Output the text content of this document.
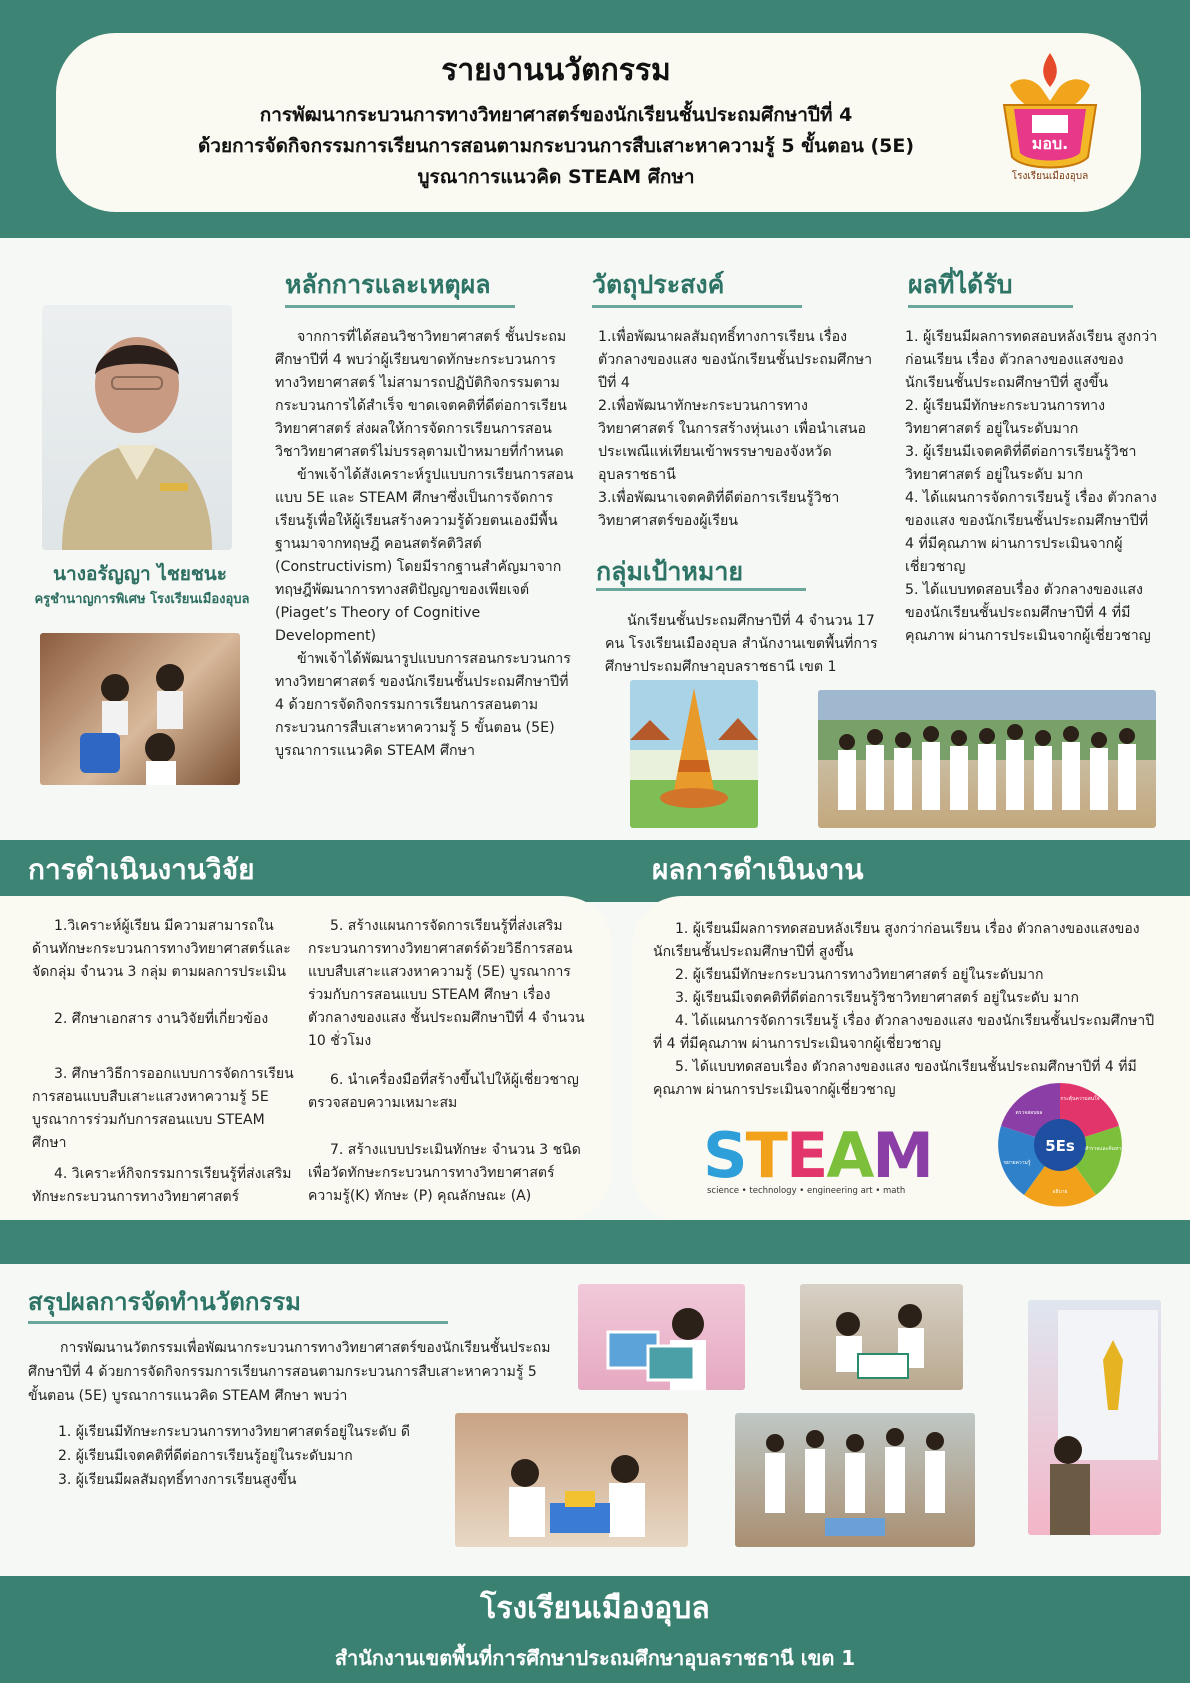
รายงานนวัตกรรม
การพัฒนากระบวนการทางวิทยาศาสตร์ของนักเรียนชั้นประถมศึกษาปีที่ 4
ด้วยการจัดกิจกรรมการเรียนการสอนตามกระบวนการสืบเสาะหาความรู้ 5 ขั้นตอน (5E)
บูรณาการแนวคิด STEAM ศึกษา
มอบ.
โรงเรียนเมืองอุบล
นางอรัญญา ไชยชนะ
ครูชำนาญการพิเศษ โรงเรียนเมืองอุบล
หลักการและเหตุผล

จากการที่ได้สอนวิชาวิทยาศาสตร์ ชั้นประถมศึกษาปีที่ 4 พบว่าผู้เรียนขาดทักษะกระบวนการทางวิทยาศาสตร์ ไม่สามารถปฏิบัติกิจกรรมตามกระบวนการได้สำเร็จ ขาดเจตคติที่ดีต่อการเรียนวิทยาศาสตร์ ส่งผลให้การจัดการเรียนการสอนวิชาวิทยาศาสตร์ไม่บรรลุตามเป้าหมายที่กำหนด

ข้าพเจ้าได้สังเคราะห์รูปแบบการเรียนการสอนแบบ 5E และ STEAM ศึกษาซึ่งเป็นการจัดการเรียนรู้เพื่อให้ผู้เรียนสร้างความรู้ด้วยตนเองมีพื้นฐานมาจากทฤษฎี คอนสตรัคติวิสต์ (Constructivism) โดยมีรากฐานสำคัญมาจากทฤษฎีพัฒนาการทางสติปัญญาของเพียเจต์ (Piaget’s Theory of Cognitive Development)

ข้าพเจ้าได้พัฒนารูปแบบการสอนกระบวนการทางวิทยาศาสตร์ ของนักเรียนชั้นประถมศึกษาปีที่ 4 ด้วยการจัดกิจกรรมการเรียนการสอนตามกระบวนการสืบเสาะหาความรู้ 5 ขั้นตอน (5E) บูรณาการแนวคิด STEAM ศึกษา

วัตถุประสงค์

1.เพื่อพัฒนาผลสัมฤทธิ์ทางการเรียน เรื่อง ตัวกลางของแสง ของนักเรียนชั้นประถมศึกษาปีที่ 4

2.เพื่อพัฒนาทักษะกระบวนการทางวิทยาศาสตร์ ในการสร้างหุ่นเงา เพื่อนำเสนอประเพณีแห่เทียนเข้าพรรษาของจังหวัดอุบลราชธานี

3.เพื่อพัฒนาเจตคติที่ดีต่อการเรียนรู้วิชาวิทยาศาสตร์ของผู้เรียน

กลุ่มเป้าหมาย

นักเรียนชั้นประถมศึกษาปีที่ 4 จำนวน 17 คน โรงเรียนเมืองอุบล สำนักงานเขตพื้นที่การศึกษาประถมศึกษาอุบลราชธานี เขต 1

ผลที่ได้รับ

1. ผู้เรียนมีผลการทดสอบหลังเรียน สูงกว่าก่อนเรียน เรื่อง ตัวกลางของแสงของนักเรียนชั้นประถมศึกษาปีที่ สูงขึ้น

2. ผู้เรียนมีทักษะกระบวนการทางวิทยาศาสตร์ อยู่ในระดับมาก

3. ผู้เรียนมีเจตคติที่ดีต่อการเรียนรู้วิชาวิทยาศาสตร์ อยู่ในระดับ มาก

4. ได้แผนการจัดการเรียนรู้ เรื่อง ตัวกลางของแสง ของนักเรียนชั้นประถมศึกษาปีที่ 4 ที่มีคุณภาพ ผ่านการประเมินจากผู้เชี่ยวชาญ

5. ได้แบบทดสอบเรื่อง ตัวกลางของแสงของนักเรียนชั้นประถมศึกษาปีที่ 4 ที่มีคุณภาพ ผ่านการประเมินจากผู้เชี่ยวชาญ

การดำเนินงานวิจัย	ผลการดำเนินงาน

1.วิเคราะห์ผู้เรียน มีความสามารถในด้านทักษะกระบวนการทางวิทยาศาสตร์และจัดกลุ่ม จำนวน 3 กลุ่ม ตามผลการประเมิน

2. ศึกษาเอกสาร งานวิจัยที่เกี่ยวข้อง

3. ศึกษาวิธีการออกแบบการจัดการเรียนการสอนแบบสืบเสาะแสวงหาความรู้ 5E บูรณาการร่วมกับการสอนแบบ STEAM ศึกษา

4. วิเคราะห์กิจกรรมการเรียนรู้ที่ส่งเสริมทักษะกระบวนการทางวิทยาศาสตร์

5. สร้างแผนการจัดการเรียนรู้ที่ส่งเสริมกระบวนการทางวิทยาศาสตร์ด้วยวิธีการสอนแบบสืบเสาะแสวงหาความรู้ (5E) บูรณาการร่วมกับการสอนแบบ STEAM ศึกษา เรื่อง ตัวกลางของแสง ชั้นประถมศึกษาปีที่ 4 จำนวน 10 ชั่วโมง

6. นำเครื่องมือที่สร้างขึ้นไปให้ผู้เชี่ยวชาญตรวจสอบความเหมาะสม

7. สร้างแบบประเมินทักษะ จำนวน 3 ชนิด เพื่อวัดทักษะกระบวนการทางวิทยาศาสตร์ ความรู้(K) ทักษะ (P) คุณลักษณะ (A)

1. ผู้เรียนมีผลการทดสอบหลังเรียน สูงกว่าก่อนเรียน เรื่อง ตัวกลางของแสงของนักเรียนชั้นประถมศึกษาปีที่ สูงขึ้น

2. ผู้เรียนมีทักษะกระบวนการทางวิทยาศาสตร์ อยู่ในระดับมาก

3. ผู้เรียนมีเจตคติที่ดีต่อการเรียนรู้วิชาวิทยาศาสตร์ อยู่ในระดับ มาก

4. ได้แผนการจัดการเรียนรู้ เรื่อง ตัวกลางของแสง ของนักเรียนชั้นประถมศึกษาปีที่ 4 ที่มีคุณภาพ ผ่านการประเมินจากผู้เชี่ยวชาญ

5. ได้แบบทดสอบเรื่อง ตัวกลางของแสง ของนักเรียนชั้นประถมศึกษาปีที่ 4 ที่มีคุณภาพ ผ่านการประเมินจากผู้เชี่ยวชาญ

STEAM
science • technology • engineering art • math
5Es
กระตุ้นความสนใจ
สำรวจและค้นหา
อธิบาย
ขยายความรู้
ตรวจสอบผล
สรุปผลการจัดทำนวัตกรรม

การพัฒนานวัตกรรมเพื่อพัฒนากระบวนการทางวิทยาศาสตร์ของนักเรียนชั้นประถมศึกษาปีที่ 4 ด้วยการจัดกิจกรรมการเรียนการสอนตามกระบวนการสืบเสาะหาความรู้ 5 ขั้นตอน (5E) บูรณาการแนวคิด STEAM ศึกษา พบว่า

1. ผู้เรียนมีทักษะกระบวนการทางวิทยาศาสตร์อยู่ในระดับ ดี

2. ผู้เรียนมีเจตคติที่ดีต่อการเรียนรู้อยู่ในระดับมาก

3. ผู้เรียนมีผลสัมฤทธิ์ทางการเรียนสูงขึ้น

โรงเรียนเมืองอุบล
สำนักงานเขตพื้นที่การศึกษาประถมศึกษาอุบลราชธานี เขต 1
